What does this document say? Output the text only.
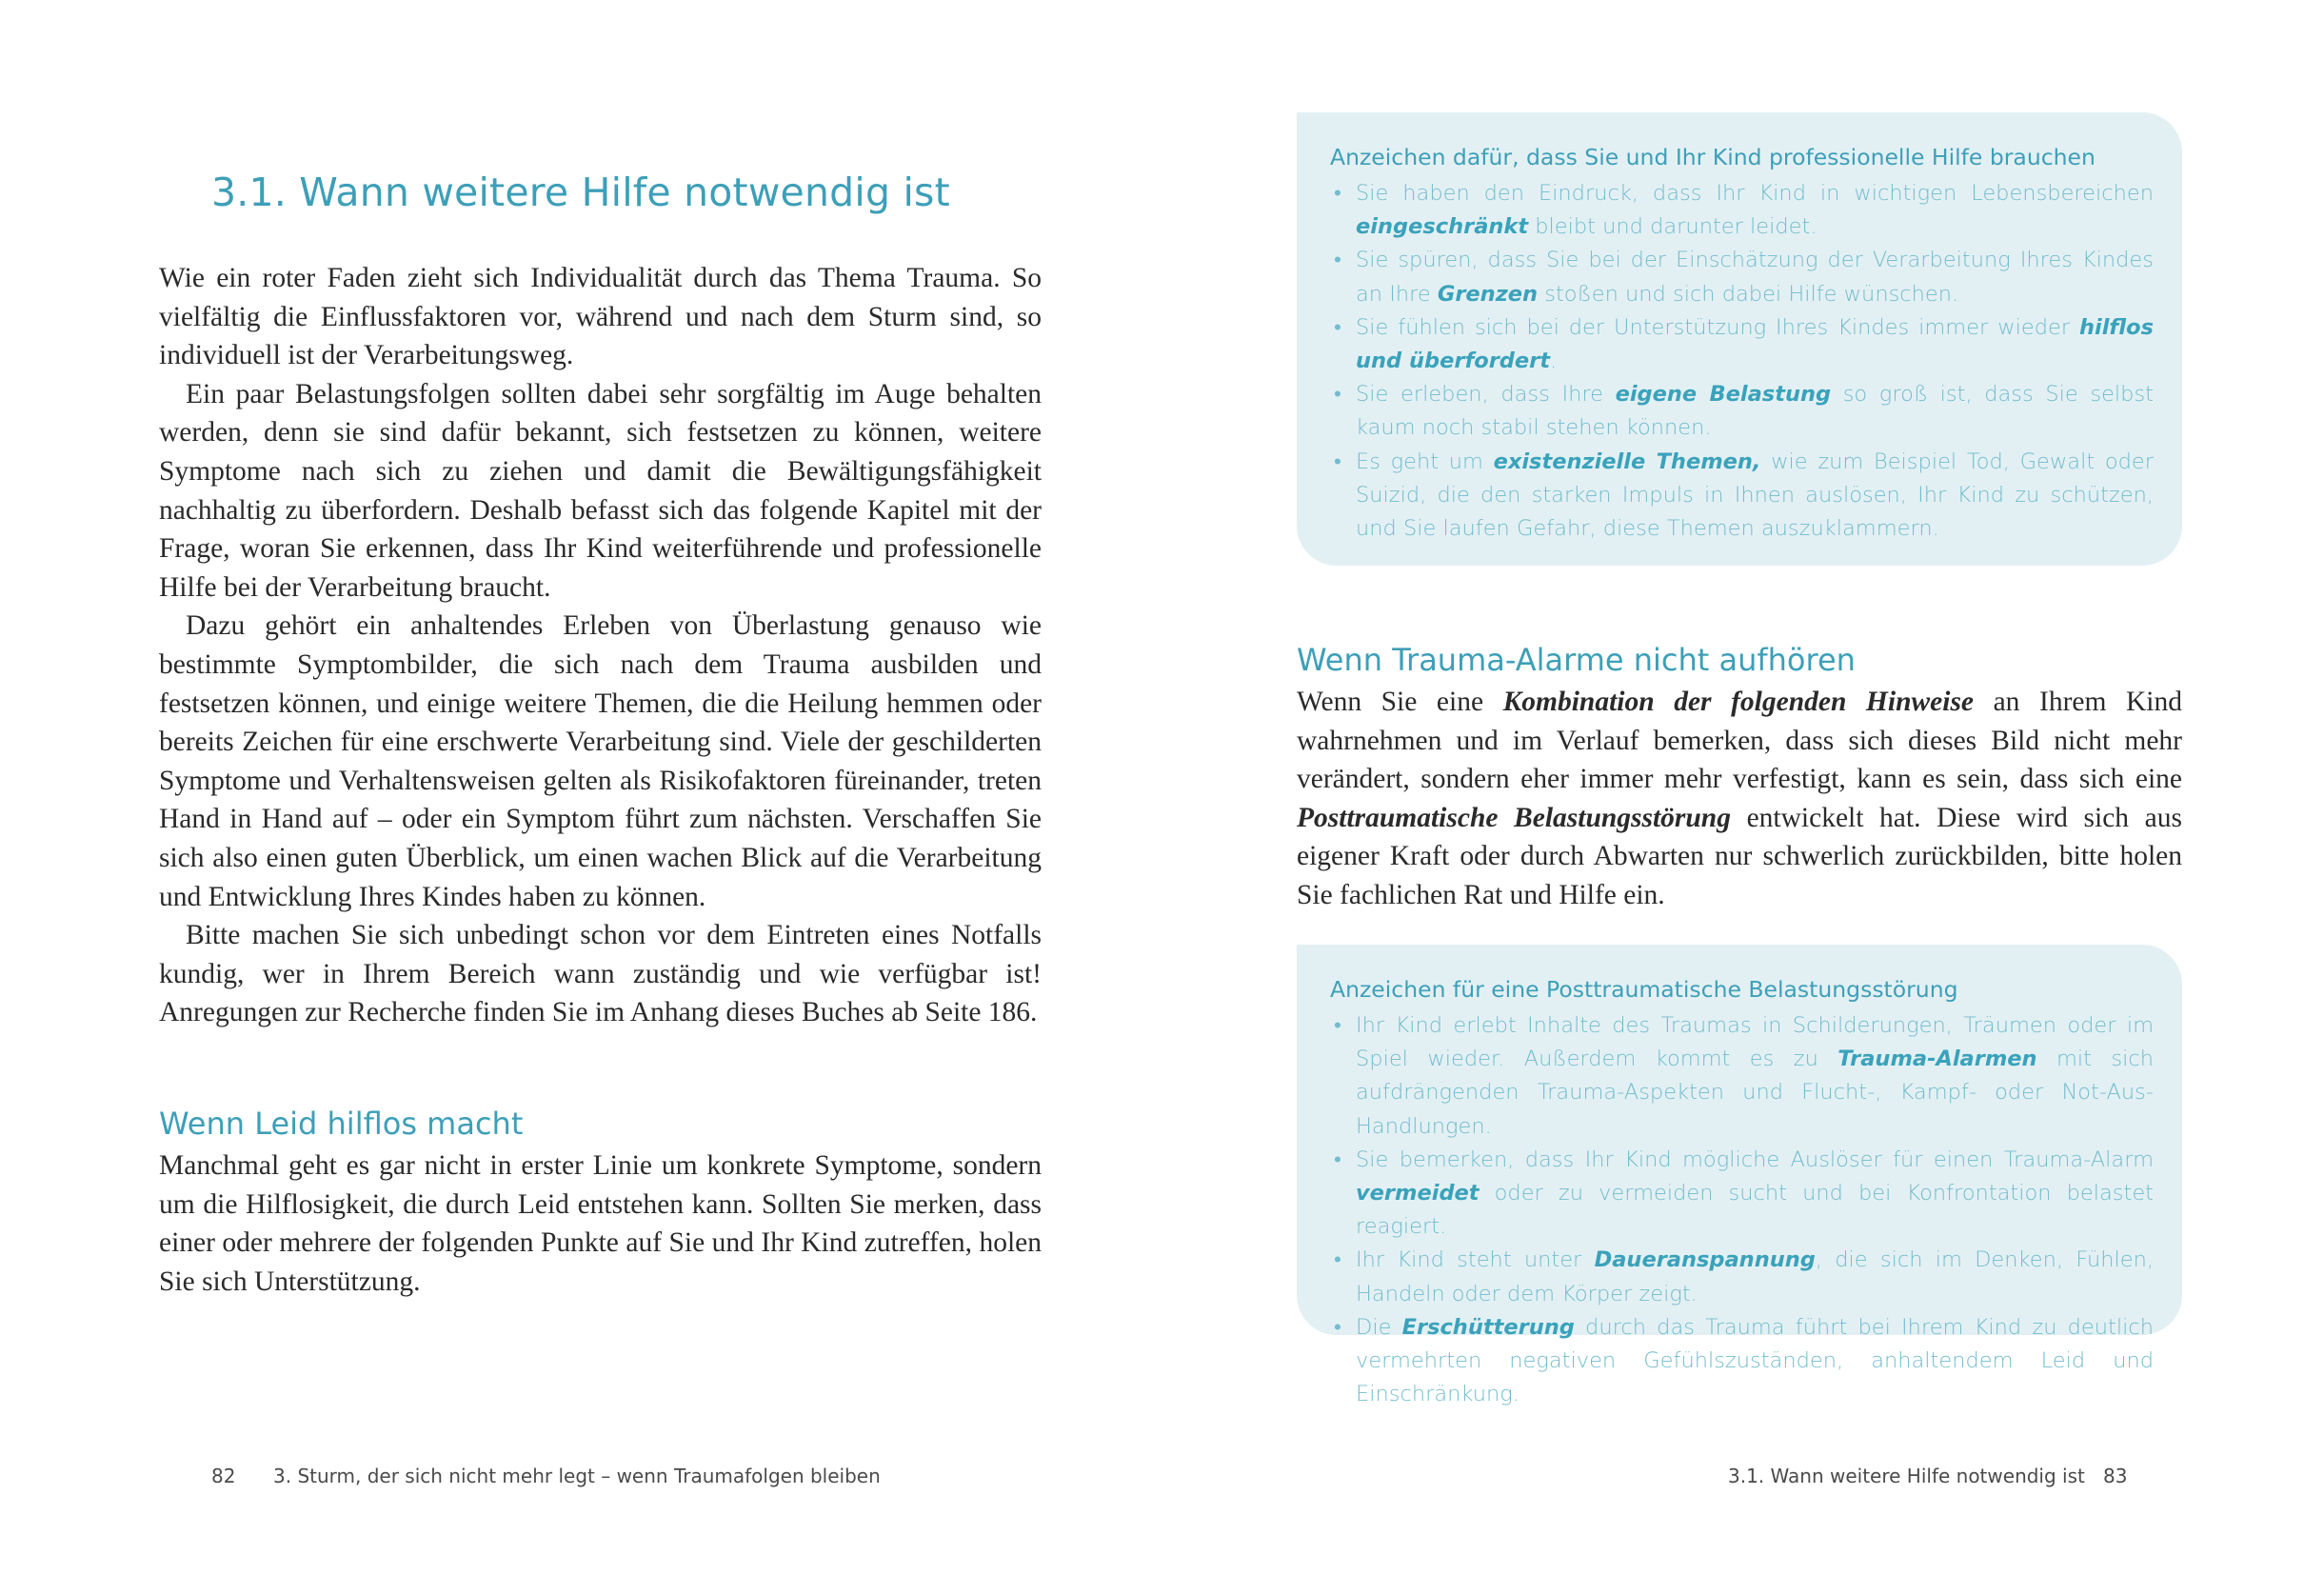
3.1. Wann weitere Hilfe notwendig ist

Wie ein roter Faden zieht sich Individualität durch das Thema Trauma. So vielfältig die Einflussfaktoren vor, während und nach dem Sturm sind, so individuell ist der Verarbeitungsweg.

Ein paar Belastungsfolgen sollten dabei sehr sorgfältig im Auge behalten werden, denn sie sind dafür bekannt, sich festsetzen zu können, weitere Symptome nach sich zu ziehen und damit die Bewältigungsfähigkeit nachhaltig zu überfordern. Deshalb befasst sich das folgende Kapitel mit der Frage, woran Sie erkennen, dass Ihr Kind weiterführende und professionelle Hilfe bei der Verarbeitung braucht.

Dazu gehört ein anhaltendes Erleben von Überlastung genauso wie bestimmte Symptombilder, die sich nach dem Trauma ausbilden und festsetzen können, und einige weitere Themen, die die Heilung hemmen oder bereits Zeichen für eine erschwerte Verarbeitung sind. Viele der geschilderten Symptome und Verhaltensweisen gelten als Risikofaktoren füreinander, treten Hand in Hand auf – oder ein Symptom führt zum nächsten. Verschaffen Sie sich also einen guten Überblick, um einen wachen Blick auf die Verarbeitung und Entwicklung Ihres Kindes haben zu können.

Bitte machen Sie sich unbedingt schon vor dem Eintreten eines Notfalls kundig, wer in Ihrem Bereich wann zuständig und wie verfügbar ist! Anregungen zur Recherche finden Sie im Anhang dieses Buches ab Seite 186.

Wenn Leid hilflos macht

Manchmal geht es gar nicht in erster Linie um konkrete Symptome, sondern um die Hilflosigkeit, die durch Leid entstehen kann. Sollten Sie merken, dass einer oder mehrere der folgenden Punkte auf Sie und Ihr Kind zutreffen, holen Sie sich Unterstützung.

82 3. Sturm, der sich nicht mehr legt – wenn Traumafolgen bleiben
Anzeichen dafür, dass Sie und Ihr Kind professionelle Hilfe brauchen
• Sie haben den Eindruck, dass Ihr Kind in wichtigen Lebensbereichen eingeschränkt bleibt und darunter leidet.
• Sie spüren, dass Sie bei der Einschätzung der Verarbeitung Ihres Kindes an Ihre Grenzen stoßen und sich dabei Hilfe wünschen.
• Sie fühlen sich bei der Unterstützung Ihres Kindes immer wieder hilflos und überfordert.
• Sie erleben, dass Ihre eigene Belastung so groß ist, dass Sie selbst kaum noch stabil stehen können.
• Es geht um existenzielle Themen, wie zum Beispiel Tod, Gewalt oder Suizid, die den starken Impuls in Ihnen auslösen, Ihr Kind zu schützen, und Sie laufen Gefahr, diese Themen auszuklammern.
Wenn Trauma-Alarme nicht aufhören

Wenn Sie eine Kombination der folgenden Hinweise an Ihrem Kind wahrnehmen und im Verlauf bemerken, dass sich dieses Bild nicht mehr verändert, sondern eher immer mehr verfestigt, kann es sein, dass sich eine Posttraumatische Belastungsstörung entwickelt hat. Diese wird sich aus eigener Kraft oder durch Abwarten nur schwerlich zurückbilden, bitte holen Sie fachlichen Rat und Hilfe ein.

Anzeichen für eine Posttraumatische Belastungsstörung
• Ihr Kind erlebt Inhalte des Traumas in Schilderungen, Träumen oder im Spiel wieder. Außerdem kommt es zu Trauma-Alarmen mit sich aufdrängenden Trauma-Aspekten und Flucht-, Kampf- oder Not-Aus-Handlungen.
• Sie bemerken, dass Ihr Kind mögliche Auslöser für einen Trauma-Alarm vermeidet oder zu vermeiden sucht und bei Konfrontation belastet reagiert.
• Ihr Kind steht unter Daueranspannung, die sich im Denken, Fühlen, Handeln oder dem Körper zeigt.
• Die Erschütterung durch das Trauma führt bei Ihrem Kind zu deutlich vermehrten negativen Gefühlszuständen, anhaltendem Leid und Einschränkung.
3.1. Wann weitere Hilfe notwendig ist 83
